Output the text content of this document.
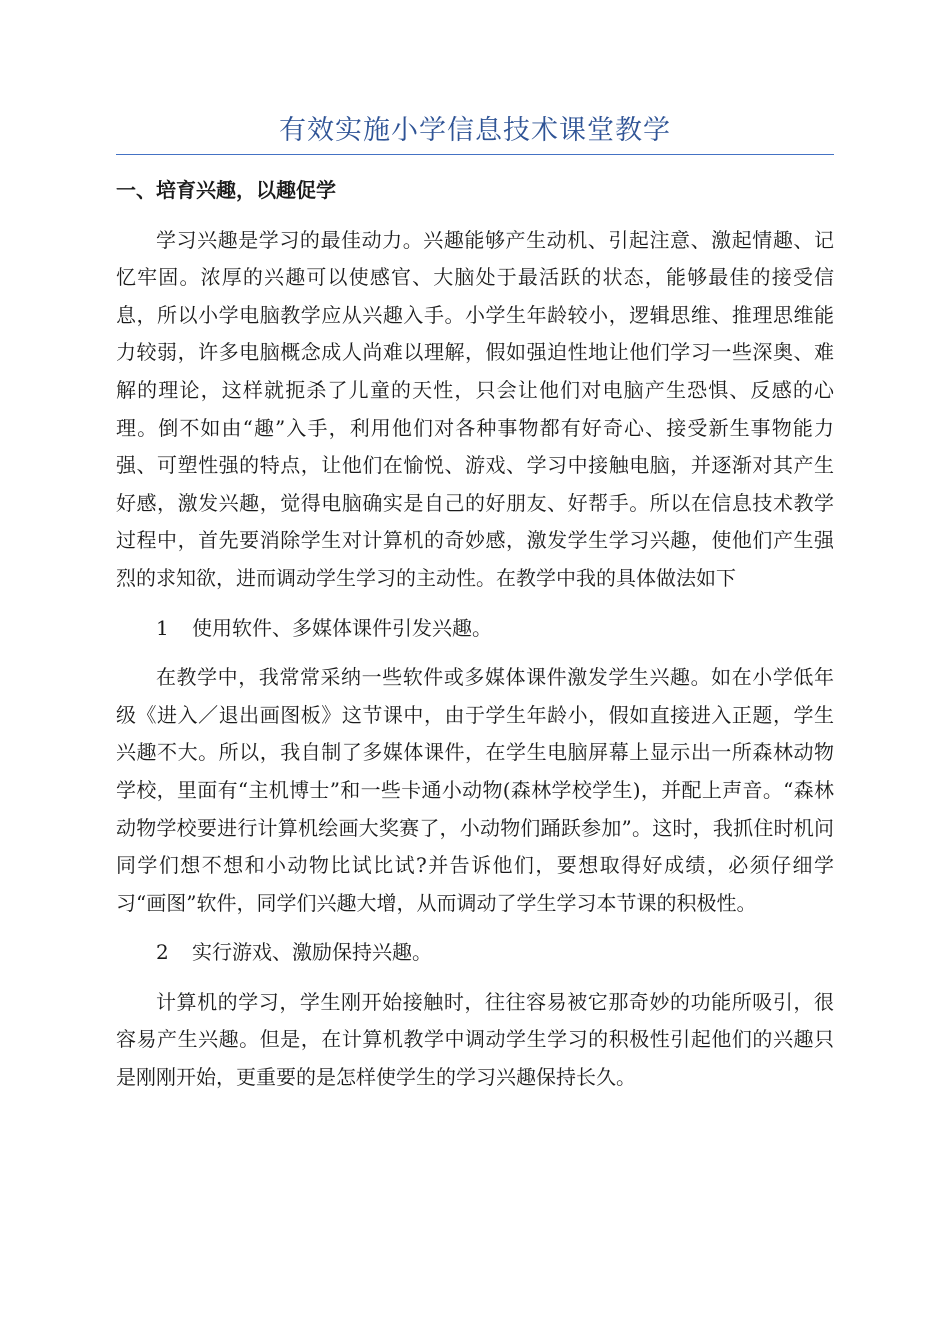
有效实施小学信息技术课堂教学

一、培育兴趣，以趣促学

学习兴趣是学习的最佳动力。兴趣能够产生动机、引起注意、激起情趣、记忆牢固。浓厚的兴趣可以使感官、大脑处于最活跃的状态，能够最佳的接受信息，所以小学电脑教学应从兴趣入手。小学生年龄较小，逻辑思维、推理思维能力较弱，许多电脑概念成人尚难以理解，假如强迫性地让他们学习一些深奥、难解的理论，这样就扼杀了儿童的天性，只会让他们对电脑产生恐惧、反感的心理。倒不如由“趣”入手，利用他们对各种事物都有好奇心、接受新生事物能力强、可塑性强的特点，让他们在愉悦、游戏、学习中接触电脑，并逐渐对其产生好感，激发兴趣，觉得电脑确实是自己的好朋友、好帮手。所以在信息技术教学过程中，首先要消除学生对计算机的奇妙感，激发学生学习兴趣，使他们产生强烈的求知欲，进而调动学生学习的主动性。在教学中我的具体做法如下

1 使用软件、多媒体课件引发兴趣。

在教学中，我常常采纳一些软件或多媒体课件激发学生兴趣。如在小学低年级《进入／退出画图板》这节课中，由于学生年龄小，假如直接进入正题，学生兴趣不大。所以，我自制了多媒体课件，在学生电脑屏幕上显示出一所森林动物学校，里面有“主机博士”和一些卡通小动物(森林学校学生)，并配上声音。“森林动物学校要进行计算机绘画大奖赛了，小动物们踊跃参加”。这时，我抓住时机问同学们想不想和小动物比试比试?并告诉他们，要想取得好成绩，必须仔细学习“画图”软件，同学们兴趣大增，从而调动了学生学习本节课的积极性。

2 实行游戏、激励保持兴趣。

计算机的学习，学生刚开始接触时，往往容易被它那奇妙的功能所吸引，很容易产生兴趣。但是，在计算机教学中调动学生学习的积极性引起他们的兴趣只是刚刚开始，更重要的是怎样使学生的学习兴趣保持长久。
